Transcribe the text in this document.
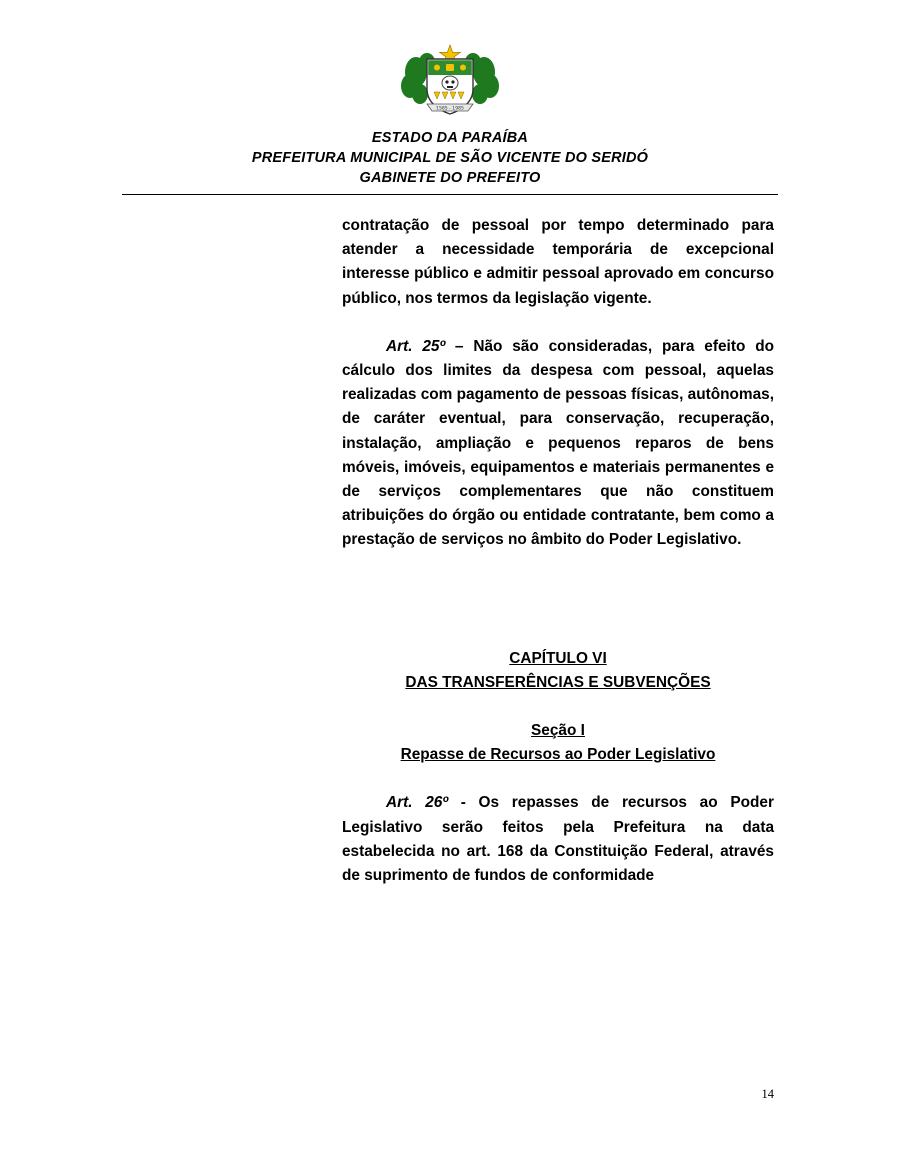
1585 - 1985
ESTADO DA PARAÍBA
PREFEITURA MUNICIPAL DE SÃO VICENTE DO SERIDÓ
GABINETE DO PREFEITO

contratação de pessoal por tempo determinado para atender a necessidade temporária de excepcional interesse público e admitir pessoal aprovado em concurso público, nos termos da legislação vigente.

Art. 25º – Não são consideradas, para efeito do cálculo dos limites da despesa com pessoal, aquelas realizadas com pagamento de pessoas físicas, autônomas, de caráter eventual, para conservação, recuperação, instalação, ampliação e pequenos reparos de bens móveis, imóveis, equipamentos e materiais permanentes e de serviços complementares que não constituem atribuições do órgão ou entidade contratante, bem como a prestação de serviços no âmbito do Poder Legislativo.

CAPÍTULO VI
DAS TRANSFERÊNCIAS E SUBVENÇÕES
Seção I
Repasse de Recursos ao Poder Legislativo

Art. 26º - Os repasses de recursos ao Poder Legislativo serão feitos pela Prefeitura na data estabelecida no art. 168 da Constituição Federal, através de suprimento de fundos de conformidade

14
